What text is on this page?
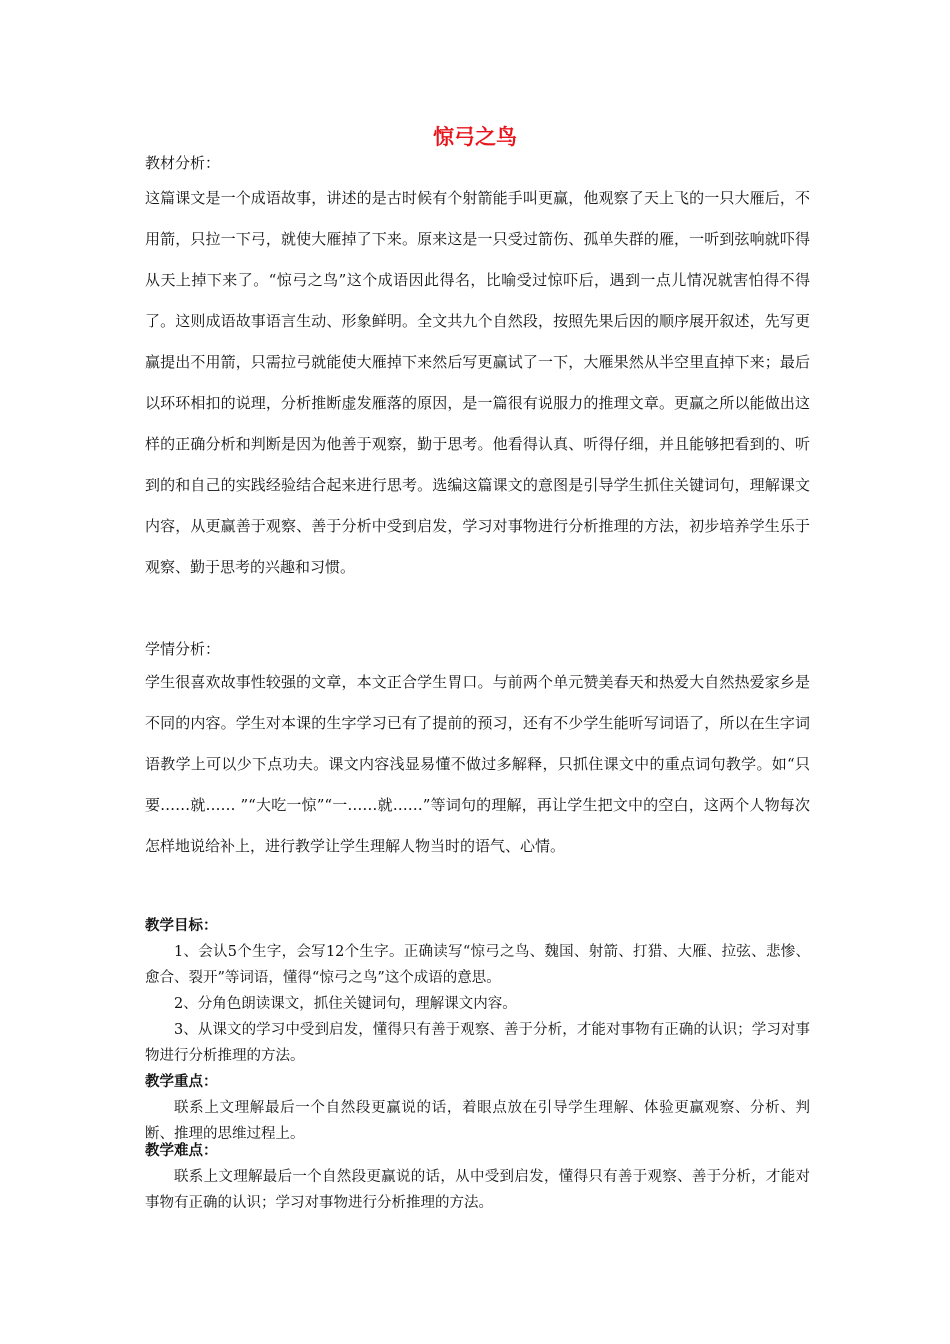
惊弓之鸟

教材分析：

这篇课文是一个成语故事，讲述的是古时候有个射箭能手叫更赢，他观察了天上飞的一只大雁后，不用箭，只拉一下弓，就使大雁掉了下来。原来这是一只受过箭伤、孤单失群的雁，一听到弦响就吓得从天上掉下来了。“惊弓之鸟”这个成语因此得名，比喻受过惊吓后，遇到一点儿情况就害怕得不得了。这则成语故事语言生动、形象鲜明。全文共九个自然段，按照先果后因的顺序展开叙述，先写更赢提出不用箭，只需拉弓就能使大雁掉下来然后写更赢试了一下，大雁果然从半空里直掉下来；最后以环环相扣的说理，分析推断虚发雁落的原因，是一篇很有说服力的推理文章。更赢之所以能做出这样的正确分析和判断是因为他善于观察，勤于思考。他看得认真、听得仔细，并且能够把看到的、听到的和自己的实践经验结合起来进行思考。选编这篇课文的意图是引导学生抓住关键词句，理解课文内容，从更赢善于观察、善于分析中受到启发，学习对事物进行分析推理的方法，初步培养学生乐于观察、勤于思考的兴趣和习惯。

学情分析：

学生很喜欢故事性较强的文章，本文正合学生胃口。与前两个单元赞美春天和热爱大自然热爱家乡是不同的内容。学生对本课的生字学习已有了提前的预习，还有不少学生能听写词语了，所以在生字词语教学上可以少下点功夫。课文内容浅显易懂不做过多解释，只抓住课文中的重点词句教学。如“只要……就…… ”“大吃一惊”“一……就……”等词句的理解，再让学生把文中的空白，这两个人物每次怎样地说给补上，进行教学让学生理解人物当时的语气、心情。

教学目标：

1、会认5个生字，会写12个生字。正确读写“惊弓之鸟、魏国、射箭、打猎、大雁、拉弦、悲惨、愈合、裂开”等词语，懂得“惊弓之鸟”这个成语的意思。

2、分角色朗读课文，抓住关键词句，理解课文内容。

3、从课文的学习中受到启发，懂得只有善于观察、善于分析，才能对事物有正确的认识；学习对事物进行分析推理的方法。

教学重点：

联系上文理解最后一个自然段更赢说的话，着眼点放在引导学生理解、体验更赢观察、分析、判断、推理的思维过程上。

教学难点：

联系上文理解最后一个自然段更赢说的话，从中受到启发，懂得只有善于观察、善于分析，才能对事物有正确的认识；学习对事物进行分析推理的方法。
